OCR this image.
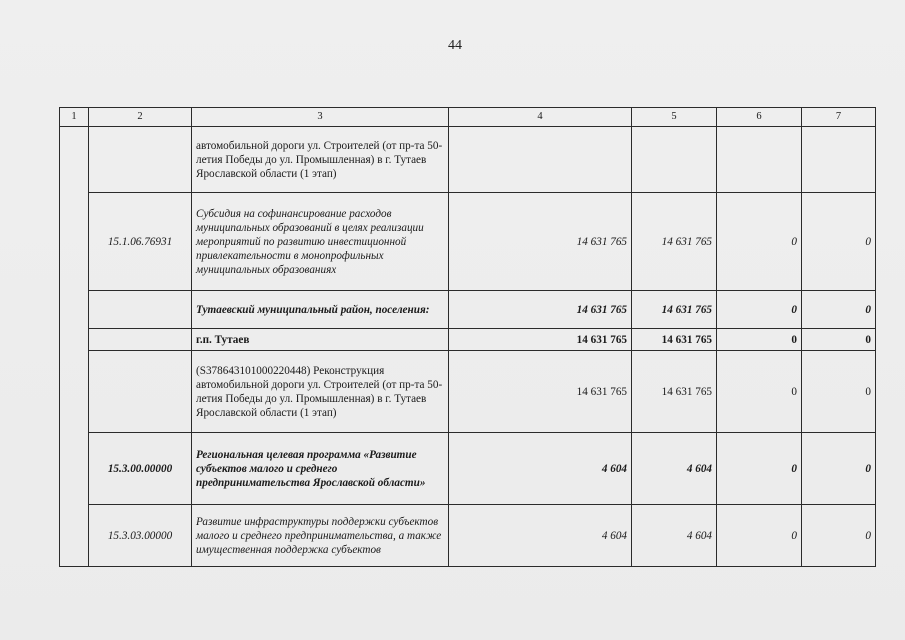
44
1	2	3	4	5	6	7
		автомобильной дороги ул. Строителей (от пр-та 50-летия Победы до ул. Промышленная) в г. Тутаев Ярославской области (1 этап)				
	15.1.06.76931	Субсидия на софинансирование расходов муниципальных образований в целях реализации мероприятий по развитию инвестиционной привлекательности в монопрофильных муниципальных образованиях	14 631 765	14 631 765	0	0
		Тутаевский муниципальный район, поселения:	14 631 765	14 631 765	0	0
		г.п. Тутаев	14 631 765	14 631 765	0	0
		(S378643101000220448) Реконструкция автомобильной дороги ул. Строителей (от пр-та 50-летия Победы до ул. Промышленная) в г. Тутаев Ярославской области (1 этап)	14 631 765	14 631 765	0	0
	15.3.00.00000	Региональная целевая программа «Развитие субъектов малого и среднего предпринимательства Ярославской области»	4 604	4 604	0	0
	15.3.03.00000	Развитие инфраструктуры поддержки субъектов малого и среднего предпринимательства, а также имущественная поддержка субъектов	4 604	4 604	0	0
